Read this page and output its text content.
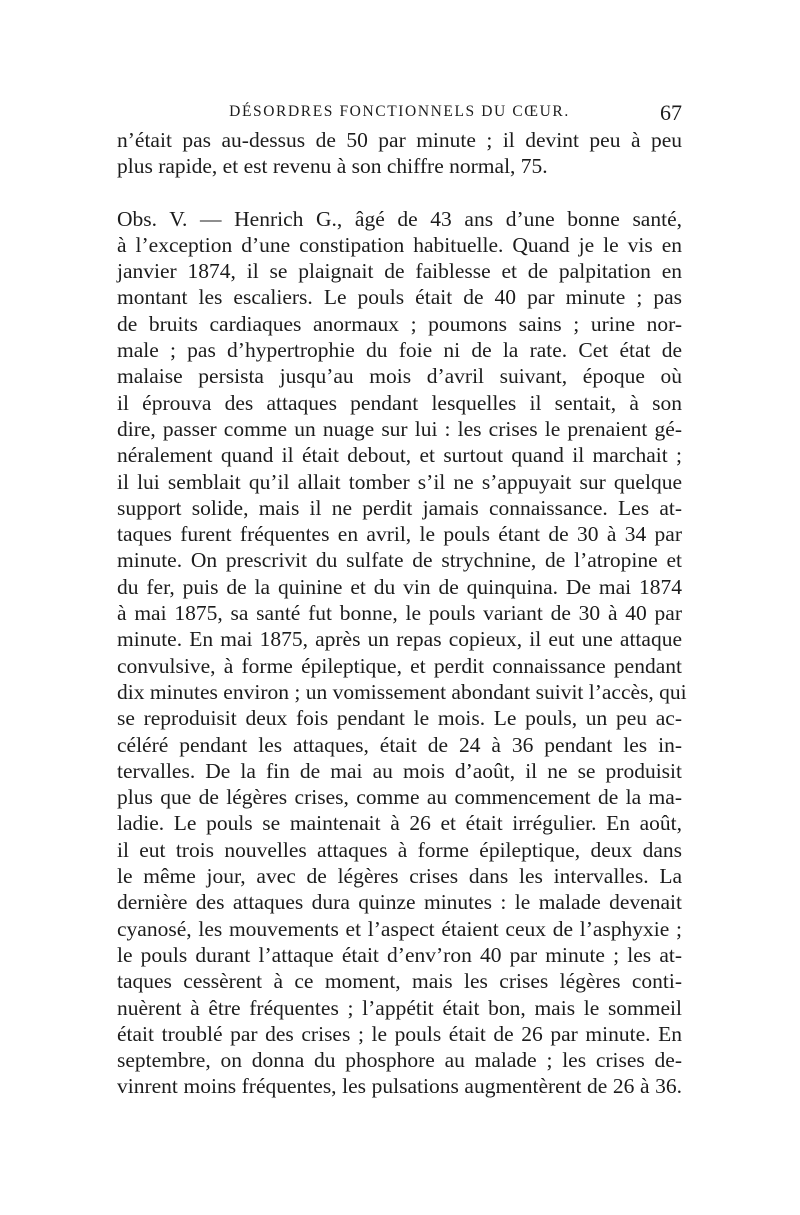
DÉSORDRES FONCTIONNELS DU CŒUR.	67
n’était pas au-dessus de 50 par minute ; il devint peu à peu
plus rapide, et est revenu à son chiffre normal, 75.
Obs. V. — Henrich G., âgé de 43 ans d’une bonne santé,
à l’exception d’une constipation habituelle. Quand je le vis en
janvier 1874, il se plaignait de faiblesse et de palpitation en
montant les escaliers. Le pouls était de 40 par minute ; pas
de bruits cardiaques anormaux ; poumons sains ; urine nor-
male ; pas d’hypertrophie du foie ni de la rate. Cet état de
malaise persista jusqu’au mois d’avril suivant, époque où
il éprouva des attaques pendant lesquelles il sentait, à son
dire, passer comme un nuage sur lui : les crises le prenaient gé-
néralement quand il était debout, et surtout quand il marchait ;
il lui semblait qu’il allait tomber s’il ne s’appuyait sur quelque
support solide, mais il ne perdit jamais connaissance. Les at-
taques furent fréquentes en avril, le pouls étant de 30 à 34 par
minute. On prescrivit du sulfate de strychnine, de l’atropine et
du fer, puis de la quinine et du vin de quinquina. De mai 1874
à mai 1875, sa santé fut bonne, le pouls variant de 30 à 40 par
minute. En mai 1875, après un repas copieux, il eut une attaque
convulsive, à forme épileptique, et perdit connaissance pendant
dix minutes environ ; un vomissement abondant suivit l’accès, qui
se reproduisit deux fois pendant le mois. Le pouls, un peu ac-
céléré pendant les attaques, était de 24 à 36 pendant les in-
tervalles. De la fin de mai au mois d’août, il ne se produisit
plus que de légères crises, comme au commencement de la ma-
ladie. Le pouls se maintenait à 26 et était irrégulier. En août,
il eut trois nouvelles attaques à forme épileptique, deux dans
le même jour, avec de légères crises dans les intervalles. La
dernière des attaques dura quinze minutes : le malade devenait
cyanosé, les mouvements et l’aspect étaient ceux de l’asphyxie ;
le pouls durant l’attaque était d’env’ron 40 par minute ; les at-
taques cessèrent à ce moment, mais les crises légères conti-
nuèrent à être fréquentes ; l’appétit était bon, mais le sommeil
était troublé par des crises ; le pouls était de 26 par minute. En
septembre, on donna du phosphore au malade ; les crises de-
vinrent moins fréquentes, les pulsations augmentèrent de 26 à 36.
